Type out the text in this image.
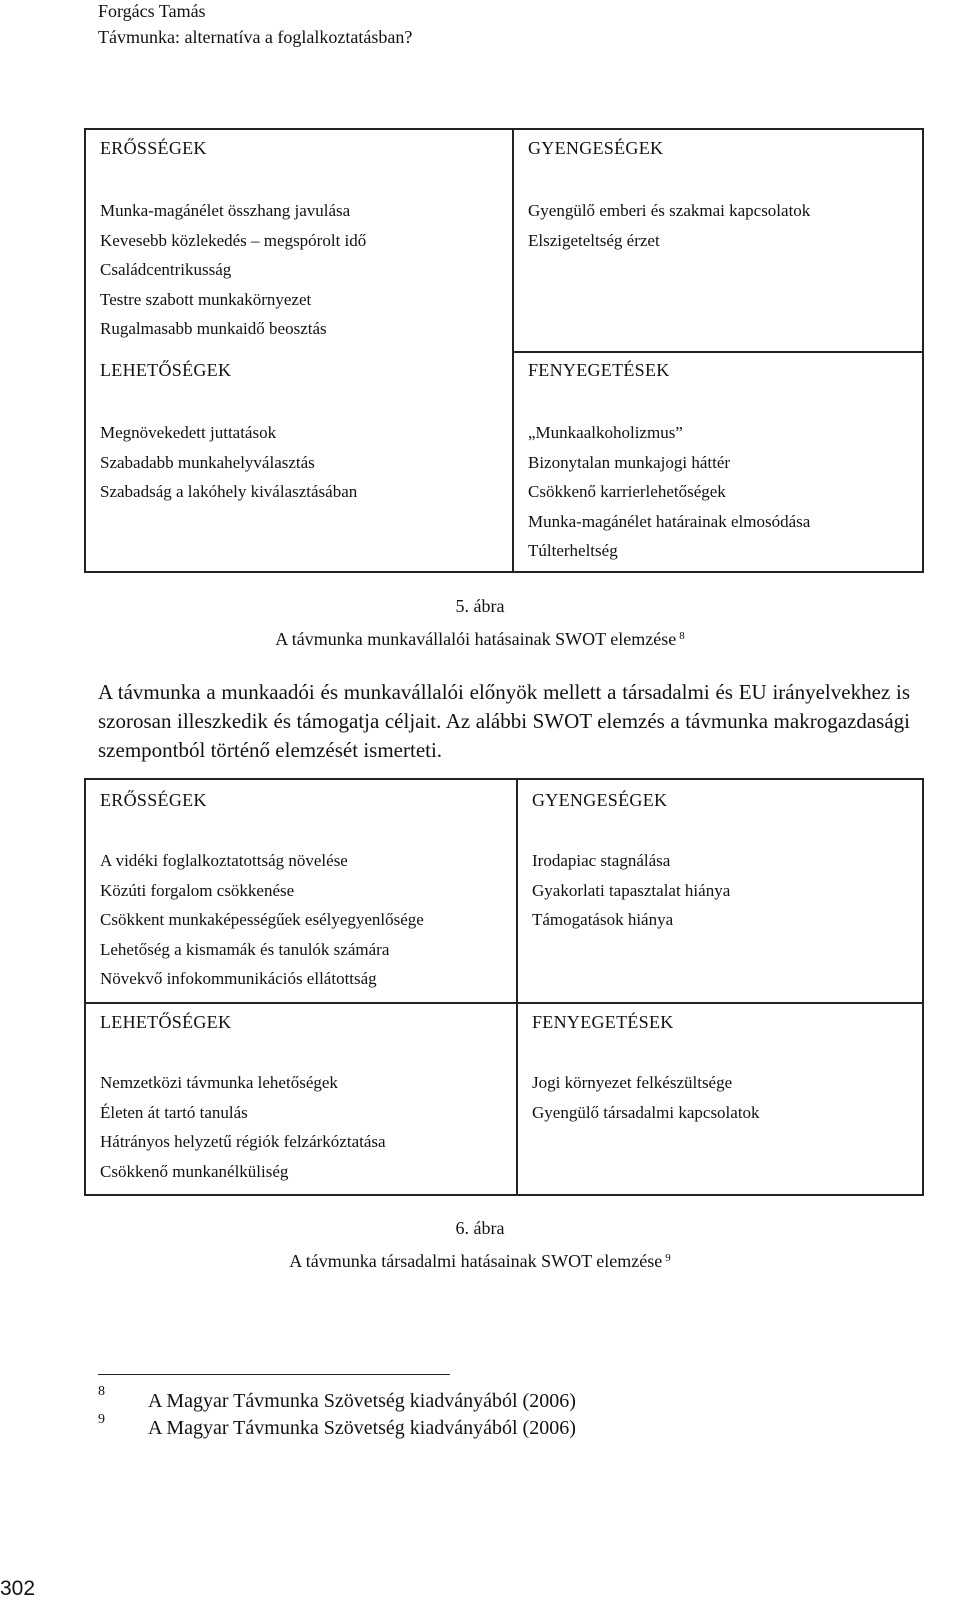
Forgács Tamás
Távmunka: alternatíva a foglalkoztatásban?
ERŐSSÉGEK
Munka-magánélet összhang javulása
Kevesebb közlekedés – megspórolt idő
Családcentrikusság
Testre szabott munkakörnyezet
Rugalmasabb munkaidő beosztás
GYENGESÉGEK
Gyengülő emberi és szakmai kapcsolatok
Elszigeteltség érzet
LEHETŐSÉGEK
Megnövekedett juttatások
Szabadabb munkahelyválasztás
Szabadság a lakóhely kiválasztásában
FENYEGETÉSEK
„Munkaalkoholizmus”
Bizonytalan munkajogi háttér
Csökkenő karrierlehetőségek
Munka-magánélet határainak elmosódása
Túlterheltség
5. ábra
A távmunka munkavállalói hatásainak SWOT elemzése $^8$
A távmunka a munkaadói és munkavállalói előnyök mellett a társadalmi és EU irányelvekhez is szorosan illeszkedik és támogatja céljait. Az alábbi SWOT elemzés a távmunka makrogazdasági szempontból történő elemzését ismerteti.
ERŐSSÉGEK
A vidéki foglalkoztatottság növelése
Közúti forgalom csökkenése
Csökkent munkaképességűek esélyegyenlősége
Lehetőség a kismamák és tanulók számára
Növekvő infokommunikációs ellátottság
GYENGESÉGEK
Irodapiac stagnálása
Gyakorlati tapasztalat hiánya
Támogatások hiánya
LEHETŐSÉGEK
Nemzetközi távmunka lehetőségek
Életen át tartó tanulás
Hátrányos helyzetű régiók felzárkóztatása
Csökkenő munkanélküliség
FENYEGETÉSEK
Jogi környezet felkészültsége
Gyengülő társadalmi kapcsolatok
6. ábra
A távmunka társadalmi hatásainak SWOT elemzése $^9$
8 A Magyar Távmunka Szövetség kiadványából (2006)
9 A Magyar Távmunka Szövetség kiadványából (2006)
302
